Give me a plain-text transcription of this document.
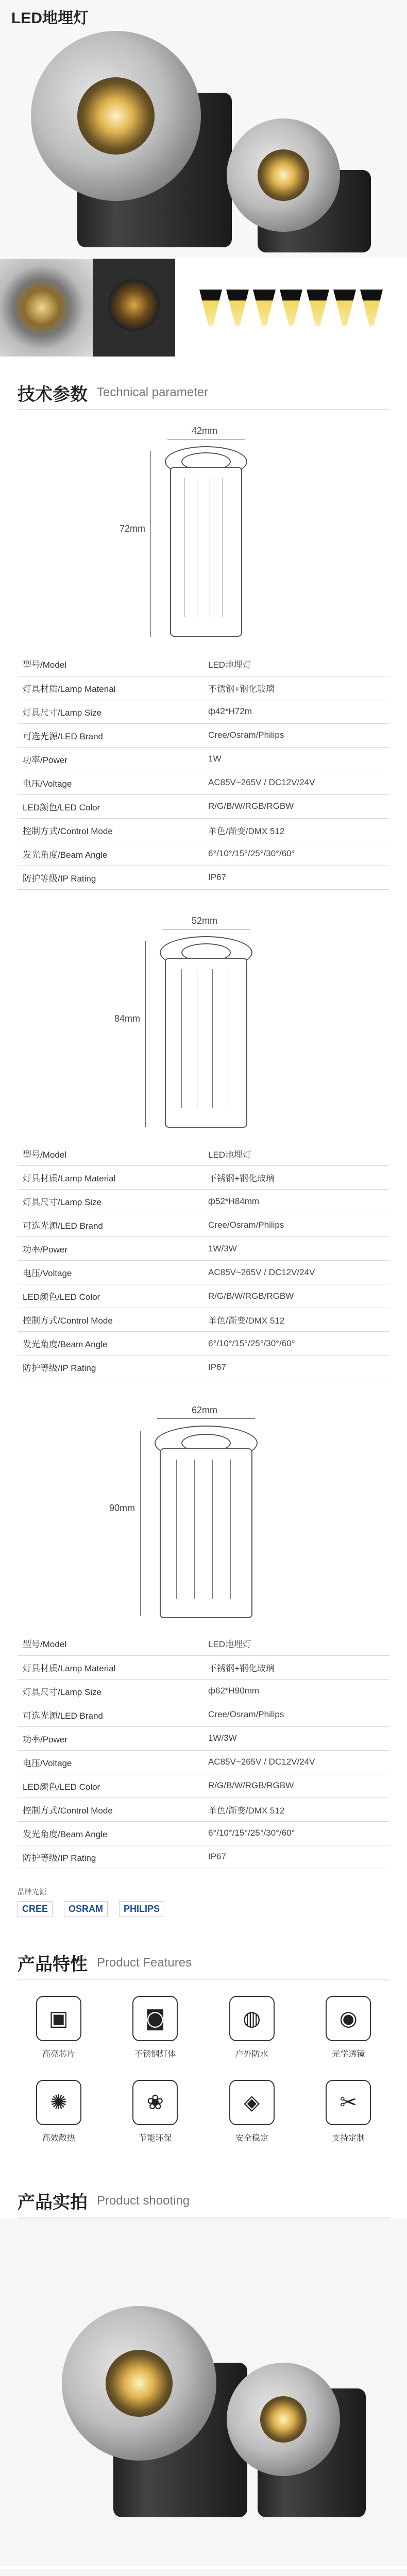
LED地埋灯
技术参数 Technical parameter
42mm
72mm
型号/Model	LED地埋灯
灯具材质/Lamp Material	不锈钢+钢化玻璃
灯具尺寸/Lamp Size	ф42*H72m
可选光源/LED Brand	Cree/Osram/Philips
功率/Power	1W
电压/Voltage	AC85V~265V / DC12V/24V
LED颜色/LED Color	R/G/B/W/RGB/RGBW
控制方式/Control Mode	单色/渐变/DMX 512
发光角度/Beam Angle	6°/10°/15°/25°/30°/60°
防护等级/IP Rating	IP67
52mm
84mm
型号/Model	LED地埋灯
灯具材质/Lamp Material	不锈钢+钢化玻璃
灯具尺寸/Lamp Size	ф52*H84mm
可选光源/LED Brand	Cree/Osram/Philips
功率/Power	1W/3W
电压/Voltage	AC85V~265V / DC12V/24V
LED颜色/LED Color	R/G/B/W/RGB/RGBW
控制方式/Control Mode	单色/渐变/DMX 512
发光角度/Beam Angle	6°/10°/15°/25°/30°/60°
防护等级/IP Rating	IP67
62mm
90mm
型号/Model	LED地埋灯
灯具材质/Lamp Material	不锈钢+钢化玻璃
灯具尺寸/Lamp Size	ф62*H90mm
可选光源/LED Brand	Cree/Osram/Philips
功率/Power	1W/3W
电压/Voltage	AC85V~265V / DC12V/24V
LED颜色/LED Color	R/G/B/W/RGB/RGBW
控制方式/Control Mode	单色/渐变/DMX 512
发光角度/Beam Angle	6°/10°/15°/25°/30°/60°
防护等级/IP Rating	IP67
品牌光源
CREE	OSRAM	PHILIPS
产品特性 Product Features
▣
高亮芯片
◙
不锈钢灯体
◍
户外防水
◉
光学透镜
✺
高效散热
❀
节能环保
◈
安全稳定
✂
支持定制
产品实拍 Product shooting
